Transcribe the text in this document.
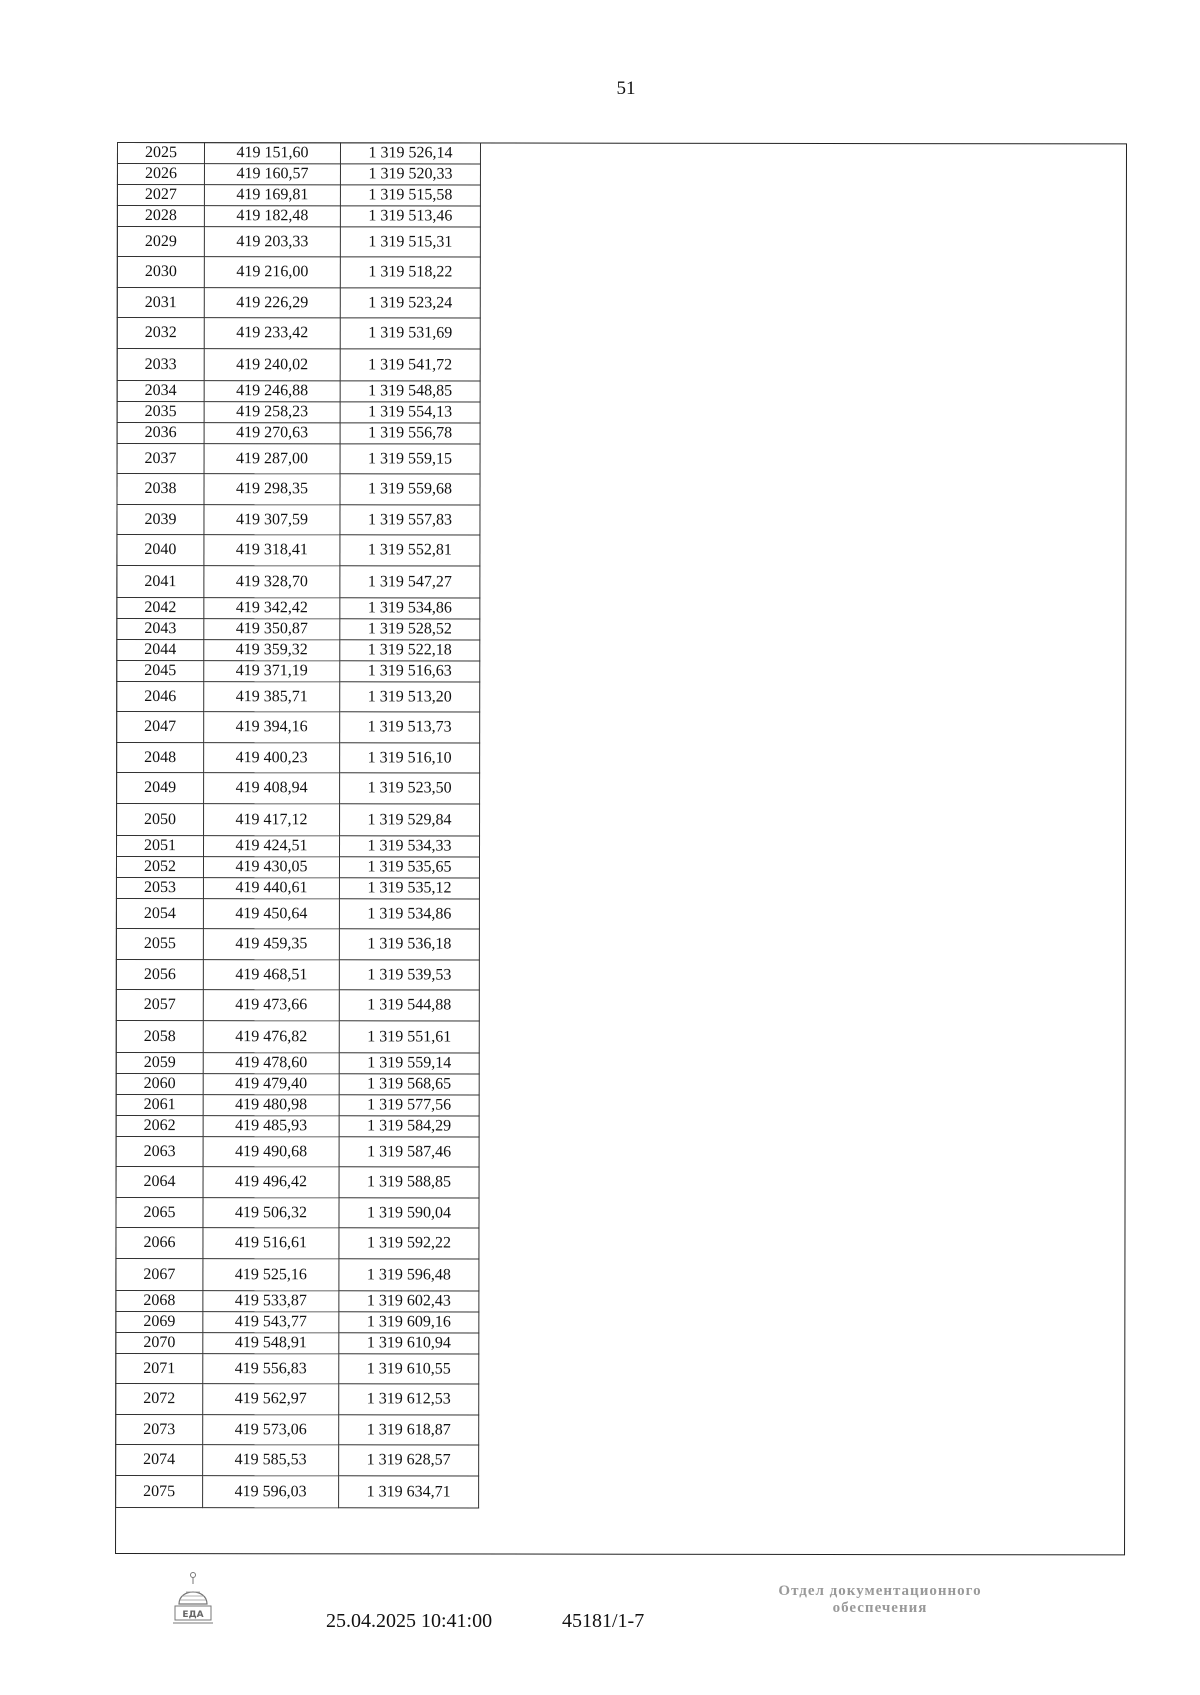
51
2025	419 151,60	1 319 526,14
2026	419 160,57	1 319 520,33
2027	419 169,81	1 319 515,58
2028	419 182,48	1 319 513,46
2029	419 203,33	1 319 515,31
2030	419 216,00	1 319 518,22
2031	419 226,29	1 319 523,24
2032	419 233,42	1 319 531,69
2033	419 240,02	1 319 541,72
2034	419 246,88	1 319 548,85
2035	419 258,23	1 319 554,13
2036	419 270,63	1 319 556,78
2037	419 287,00	1 319 559,15
2038	419 298,35	1 319 559,68
2039	419 307,59	1 319 557,83
2040	419 318,41	1 319 552,81
2041	419 328,70	1 319 547,27
2042	419 342,42	1 319 534,86
2043	419 350,87	1 319 528,52
2044	419 359,32	1 319 522,18
2045	419 371,19	1 319 516,63
2046	419 385,71	1 319 513,20
2047	419 394,16	1 319 513,73
2048	419 400,23	1 319 516,10
2049	419 408,94	1 319 523,50
2050	419 417,12	1 319 529,84
2051	419 424,51	1 319 534,33
2052	419 430,05	1 319 535,65
2053	419 440,61	1 319 535,12
2054	419 450,64	1 319 534,86
2055	419 459,35	1 319 536,18
2056	419 468,51	1 319 539,53
2057	419 473,66	1 319 544,88
2058	419 476,82	1 319 551,61
2059	419 478,60	1 319 559,14
2060	419 479,40	1 319 568,65
2061	419 480,98	1 319 577,56
2062	419 485,93	1 319 584,29
2063	419 490,68	1 319 587,46
2064	419 496,42	1 319 588,85
2065	419 506,32	1 319 590,04
2066	419 516,61	1 319 592,22
2067	419 525,16	1 319 596,48
2068	419 533,87	1 319 602,43
2069	419 543,77	1 319 609,16
2070	419 548,91	1 319 610,94
2071	419 556,83	1 319 610,55
2072	419 562,97	1 319 612,53
2073	419 573,06	1 319 618,87
2074	419 585,53	1 319 628,57
2075	419 596,03	1 319 634,71
ЕДА	25.04.2025 10:41:00	45181/1-7
Отдел документационного
обеспечения
